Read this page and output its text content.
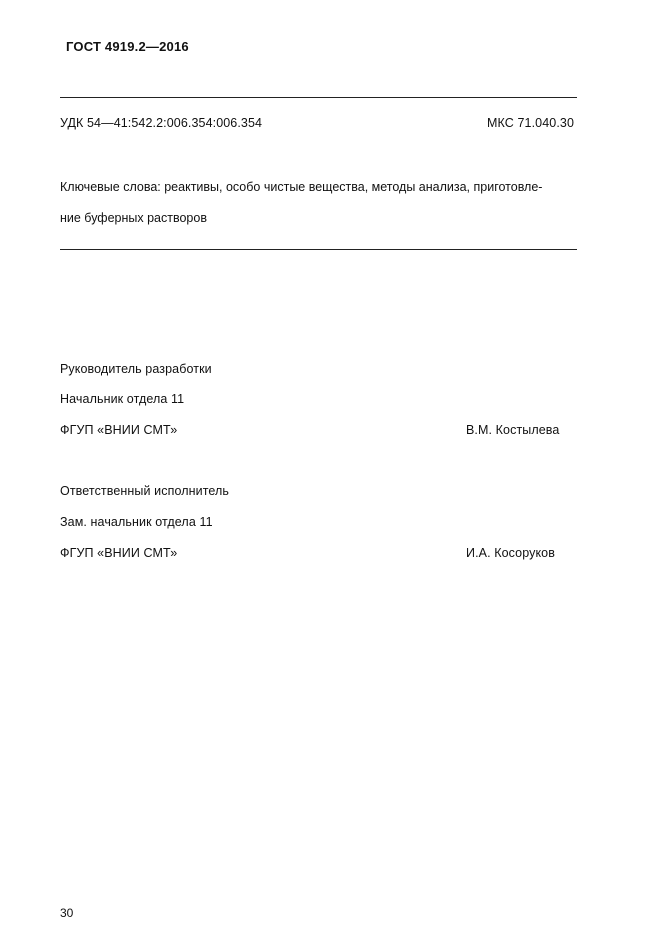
ГОСТ 4919.2—2016
УДК 54—41:542.2:006.354:006.354	МКС 71.040.30
Ключевые слова: реактивы, особо чистые вещества, методы анализа, приготовле-
ние буферных растворов
Руководитель разработки
Начальник отдела 11
ФГУП «ВНИИ СМТ»	В.М. Костылева
Ответственный исполнитель
Зам. начальник отдела 11
ФГУП «ВНИИ СМТ»	И.А. Косоруков
30
